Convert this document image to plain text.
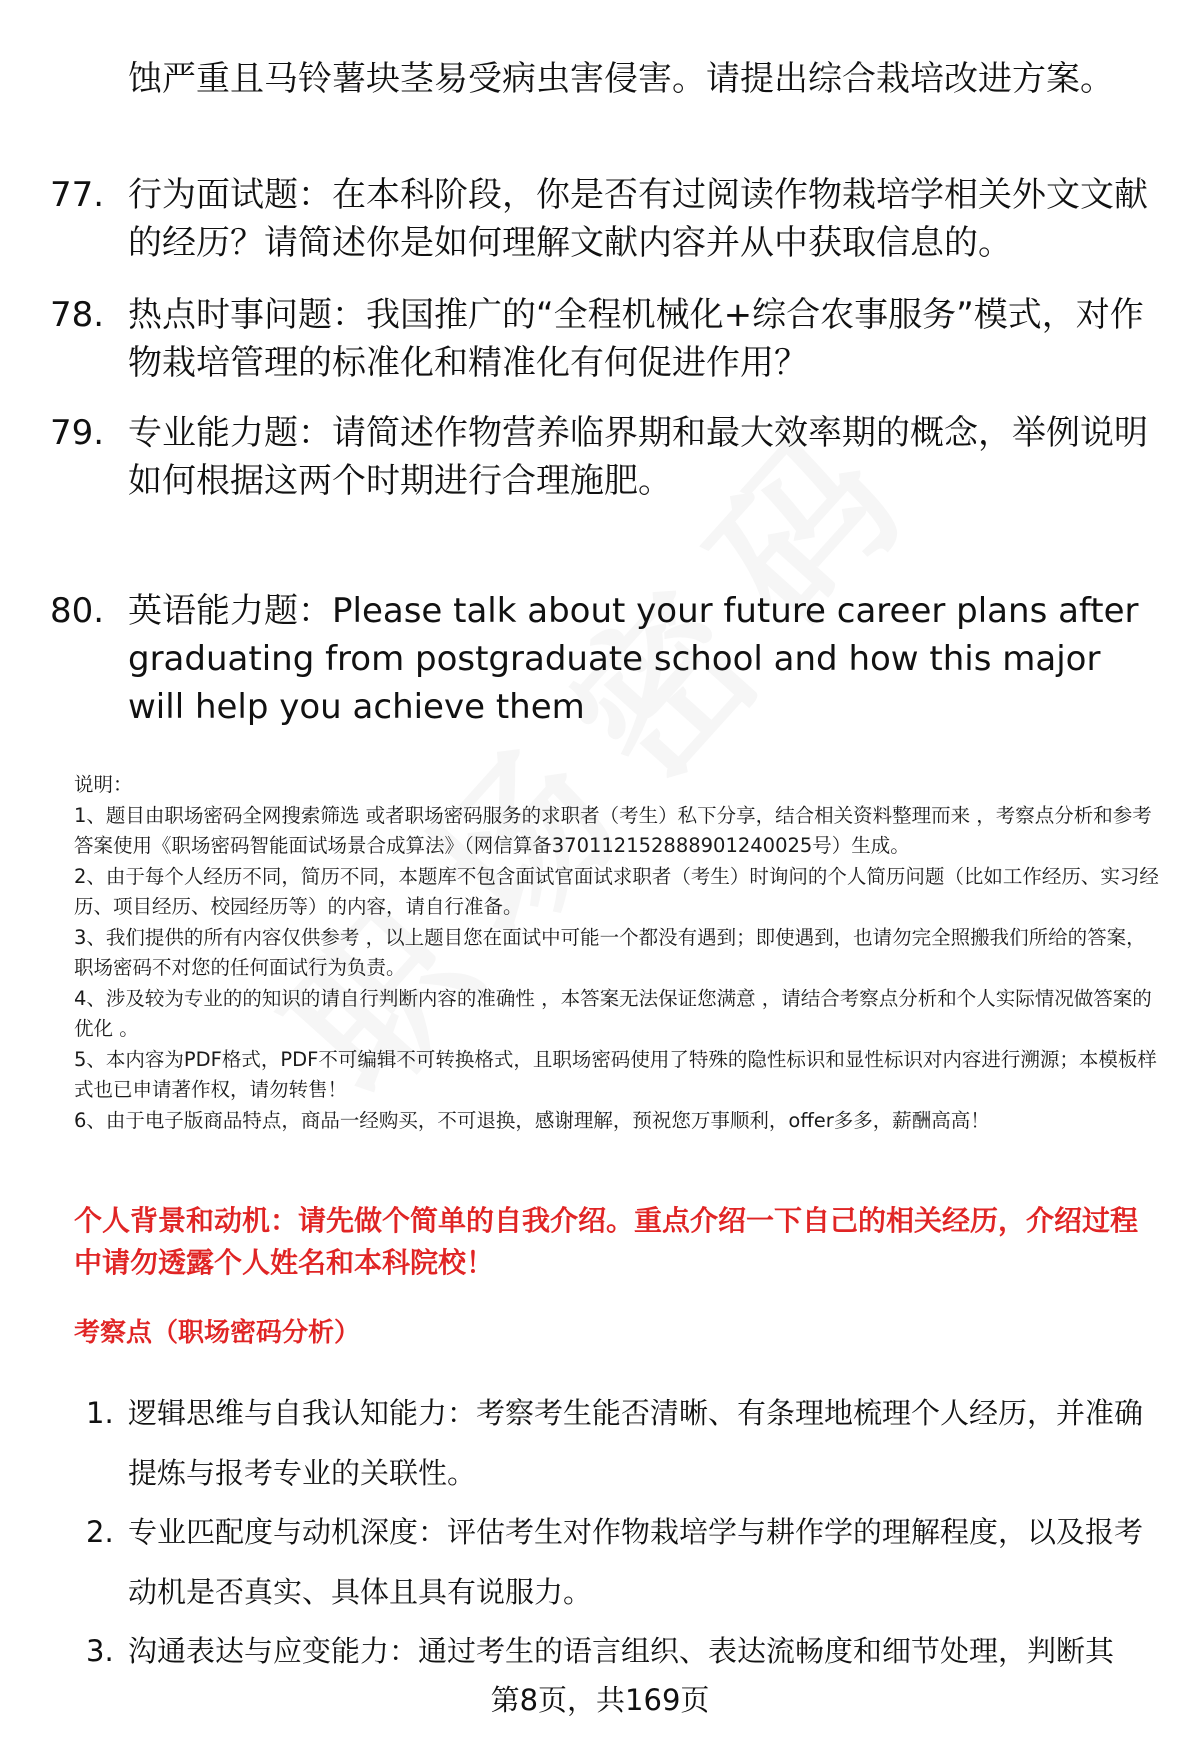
蚀严重且马铃薯块茎易受病虫害侵害。请提出综合栽培改进方案。
77. 行为面试题：在本科阶段，你是否有过阅读作物栽培学相关外文文献的经历？请简述你是如何理解文献内容并从中获取信息的。
78. 热点时事问题：我国推广的“全程机械化+综合农事服务”模式，对作物栽培管理的标准化和精准化有何促进作用？
79. 专业能力题：请简述作物营养临界期和最大效率期的概念，举例说明如何根据这两个时期进行合理施肥。
80. 英语能力题：Please talk about your future career plans after graduating from postgraduate school and how this major will help you achieve them

说明：

1、题目由职场密码全网搜索筛选 或者职场密码服务的求职者（考生）私下分享，结合相关资料整理而来 ，考察点分析和参考答案使用《职场密码智能面试场景合成算法》（网信算备370112152888901240025号）生成。

2、由于每个人经历不同，简历不同，本题库不包含面试官面试求职者（考生）时询问的个人简历问题（比如工作经历、实习经历、项目经历、校园经历等）的内容，请自行准备。

3、我们提供的所有内容仅供参考 ，以上题目您在面试中可能一个都没有遇到；即使遇到，也请勿完全照搬我们所给的答案，职场密码不对您的任何面试行为负责。

4、涉及较为专业的的知识的请自行判断内容的准确性 ，本答案无法保证您满意 ，请结合考察点分析和个人实际情况做答案的优化 。

5、本内容为PDF格式，PDF不可编辑不可转换格式，且职场密码使用了特殊的隐性标识和显性标识对内容进行溯源；本模板样式也已申请著作权，请勿转售！

6、由于电子版商品特点，商品一经购买，不可退换，感谢理解，预祝您万事顺利，offer多多，薪酬高高！

个人背景和动机：请先做个简单的自我介绍。重点介绍一下自己的相关经历，介绍过程中请勿透露个人姓名和本科院校！
考察点（职场密码分析）
1. 逻辑思维与自我认知能力：考察考生能否清晰、有条理地梳理个人经历，并准确提炼与报考专业的关联性。
2. 专业匹配度与动机深度：评估考生对作物栽培学与耕作学的理解程度，以及报考动机是否真实、具体且具有说服力。
3. 沟通表达与应变能力：通过考生的语言组织、表达流畅度和细节处理，判断其
第8页，共169页
